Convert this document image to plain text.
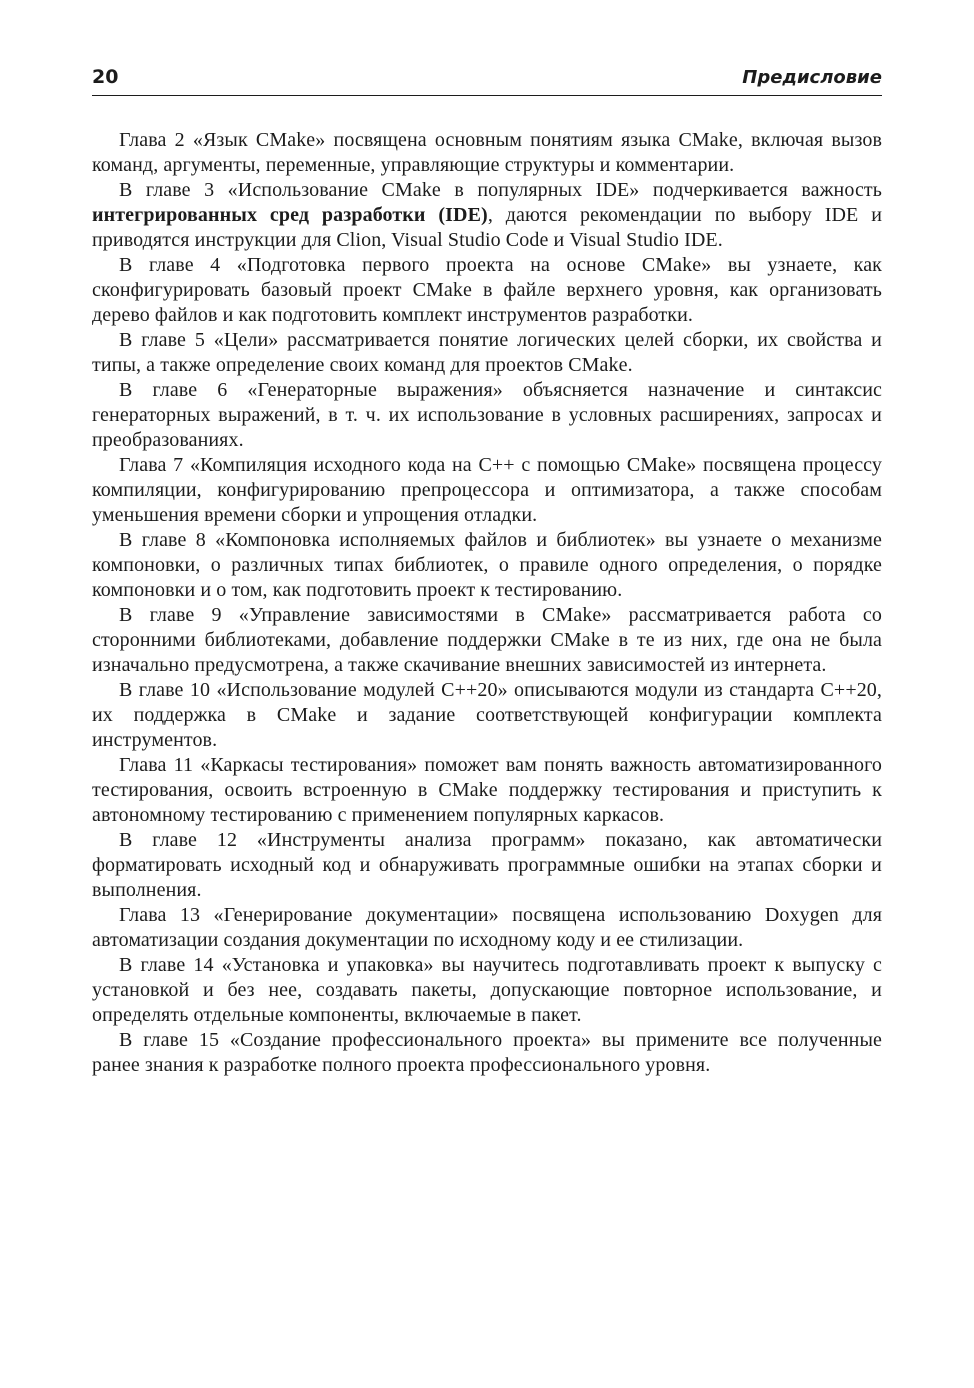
20	Предисловие

Глава 2 «Язык CMake» посвящена основным понятиям языка CMake, включая вызов команд, аргументы, переменные, управляющие структуры и комментарии.

В главе 3 «Использование CMake в популярных IDE» подчеркивается важность интегрированных сред разработки (IDE), даются рекомендации по выбору IDE и приводятся инструкции для Clion, Visual Studio Code и Visual Studio IDE.

В главе 4 «Подготовка первого проекта на основе CMake» вы узнаете, как сконфигурировать базовый проект CMake в файле верхнего уровня, как организовать дерево файлов и как подготовить комплект инструментов разработки.

В главе 5 «Цели» рассматривается понятие логических целей сборки, их свойства и типы, а также определение своих команд для проектов CMake.

В главе 6 «Генераторные выражения» объясняется назначение и синтаксис генераторных выражений, в т. ч. их использование в условных расширениях, запросах и преобразованиях.

Глава 7 «Компиляция исходного кода на C++ с помощью CMake» посвящена процессу компиляции, конфигурированию препроцессора и оптимизатора, а также способам уменьшения времени сборки и упрощения отладки.

В главе 8 «Компоновка исполняемых файлов и библиотек» вы узнаете о механизме компоновки, о различных типах библиотек, о правиле одного определения, о порядке компоновки и о том, как подготовить проект к тестированию.

В главе 9 «Управление зависимостями в CMake» рассматривается работа со сторонними библиотеками, добавление поддержки CMake в те из них, где она не была изначально предусмотрена, а также скачивание внешних зависимостей из интернета.

В главе 10 «Использование модулей C++20» описываются модули из стандарта C++20, их поддержка в CMake и задание соответствующей конфигурации комплекта инструментов.

Глава 11 «Каркасы тестирования» поможет вам понять важность автоматизированного тестирования, освоить встроенную в CMake поддержку тестирования и приступить к автономному тестированию с применением популярных каркасов.

В главе 12 «Инструменты анализа программ» показано, как автоматически форматировать исходный код и обнаруживать программные ошибки на этапах сборки и выполнения.

Глава 13 «Генерирование документации» посвящена использованию Doxygen для автоматизации создания документации по исходному коду и ее стилизации.

В главе 14 «Установка и упаковка» вы научитесь подготавливать проект к выпуску с установкой и без нее, создавать пакеты, допускающие повторное использование, и определять отдельные компоненты, включаемые в пакет.

В главе 15 «Создание профессионального проекта» вы примените все полученные ранее знания к разработке полного проекта профессионального уровня.
